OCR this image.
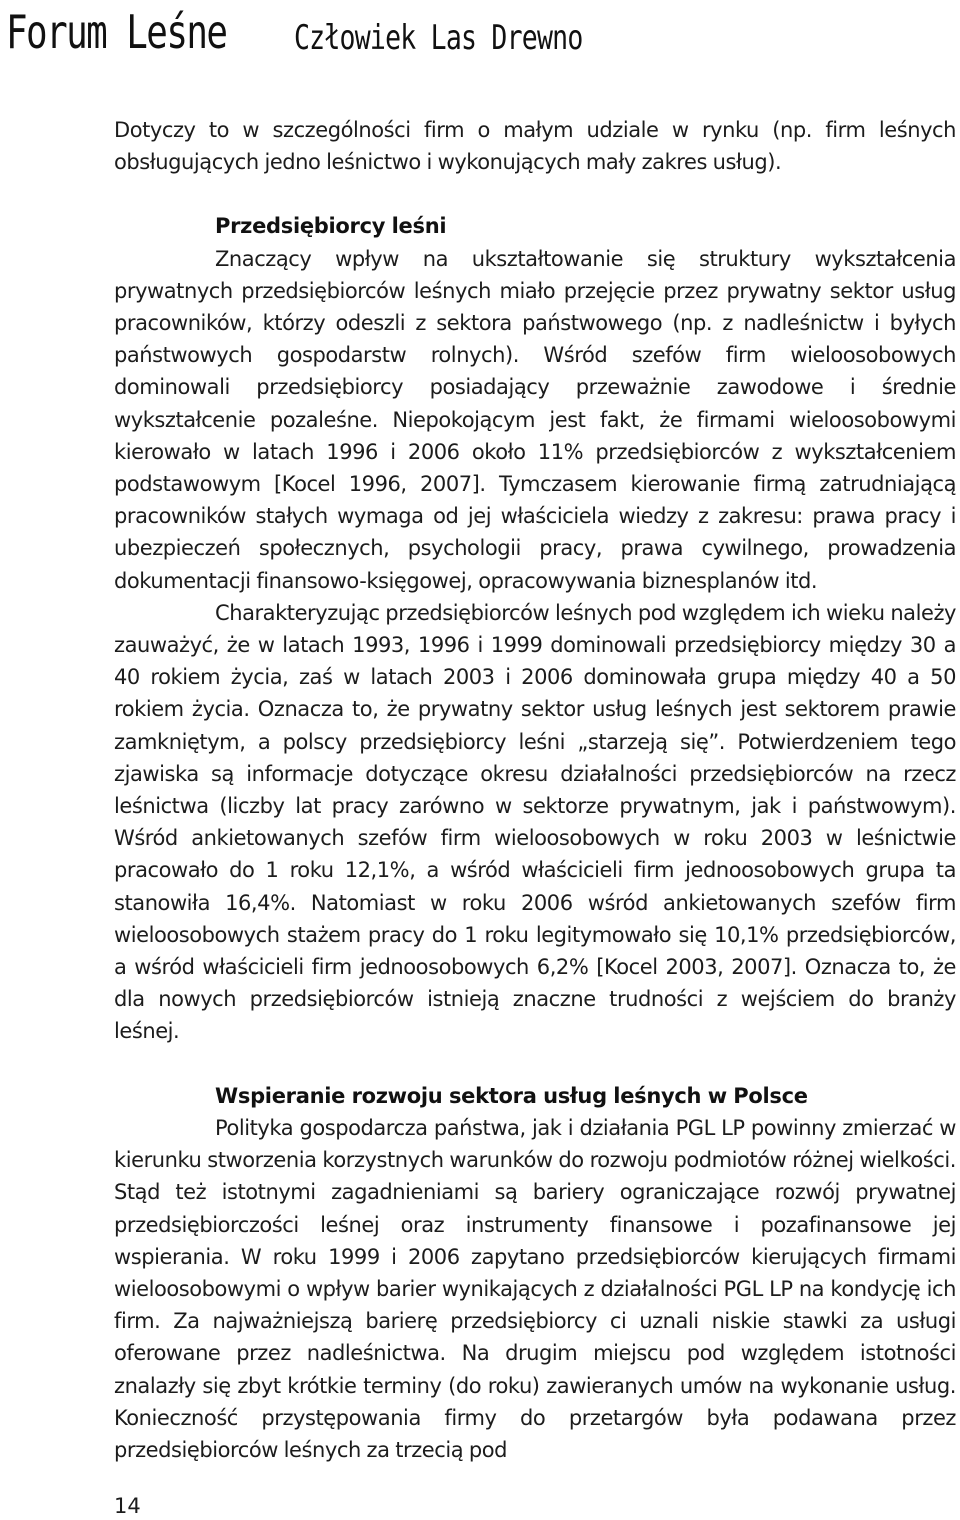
Forum Leśne Człowiek Las Drewno

Dotyczy to w szczególności firm o małym udziale w rynku (np. firm leśnych obsługujących jedno leśnictwo i wykonujących mały zakres usług).

Przedsiębiorcy leśni

Znaczący wpływ na ukształtowanie się struktury wykształcenia prywatnych przedsiębiorców leśnych miało przejęcie przez prywatny sektor usług pracowników, którzy odeszli z sektora państwowego (np. z nadleśnictw i byłych państwowych gospodarstw rolnych). Wśród szefów firm wieloosobowych dominowali przedsiębiorcy posiadający przeważnie zawodowe i średnie wykształcenie pozaleśne. Niepokojącym jest fakt, że firmami wieloosobowymi kierowało w latach 1996 i 2006 około 11% przedsiębiorców z wykształceniem podstawowym [Kocel 1996, 2007]. Tymczasem kierowanie firmą zatrudniającą pracowników stałych wymaga od jej właściciela wiedzy z zakresu: prawa pracy i ubezpieczeń społecznych, psychologii pracy, prawa cywilnego, prowadzenia dokumentacji finansowo-księgowej, opracowywania biznesplanów itd.

Charakteryzując przedsiębiorców leśnych pod względem ich wieku należy zauważyć, że w latach 1993, 1996 i 1999 dominowali przedsiębiorcy między 30 a 40 rokiem życia, zaś w latach 2003 i 2006 dominowała grupa między 40 a 50 rokiem życia. Oznacza to, że prywatny sektor usług leśnych jest sektorem prawie zamkniętym, a polscy przedsiębiorcy leśni „starzeją się”. Potwierdzeniem tego zjawiska są informacje dotyczące okresu działalności przedsiębiorców na rzecz leśnictwa (liczby lat pracy zarówno w sektorze prywatnym, jak i państwowym). Wśród ankietowanych szefów firm wieloosobowych w roku 2003 w leśnictwie pracowało do 1 roku 12,1%, a wśród właścicieli firm jednoosobowych grupa ta stanowiła 16,4%. Natomiast w roku 2006 wśród ankietowanych szefów firm wieloosobowych stażem pracy do 1 roku legitymowało się 10,1% przedsiębiorców, a wśród właścicieli firm jednoosobowych 6,2% [Kocel 2003, 2007]. Oznacza to, że dla nowych przedsiębiorców istnieją znaczne trudności z wejściem do branży leśnej.

Wspieranie rozwoju sektora usług leśnych w Polsce

Polityka gospodarcza państwa, jak i działania PGL LP powinny zmierzać w kierunku stworzenia korzystnych warunków do rozwoju podmiotów różnej wielkości. Stąd też istotnymi zagadnieniami są bariery ograniczające rozwój prywatnej przedsiębiorczości leśnej oraz instrumenty finansowe i pozafinansowe jej wspierania. W roku 1999 i 2006 zapytano przedsiębiorców kierujących firmami wieloosobowymi o wpływ barier wynikających z działalności PGL LP na kondycję ich firm. Za najważniejszą barierę przedsiębiorcy ci uznali niskie stawki za usługi oferowane przez nadleśnictwa. Na drugim miejscu pod względem istotności znalazły się zbyt krótkie terminy (do roku) zawieranych umów na wykonanie usług. Konieczność przystępowania firmy do przetargów była podawana przez przedsiębiorców leśnych za trzecią pod

14
